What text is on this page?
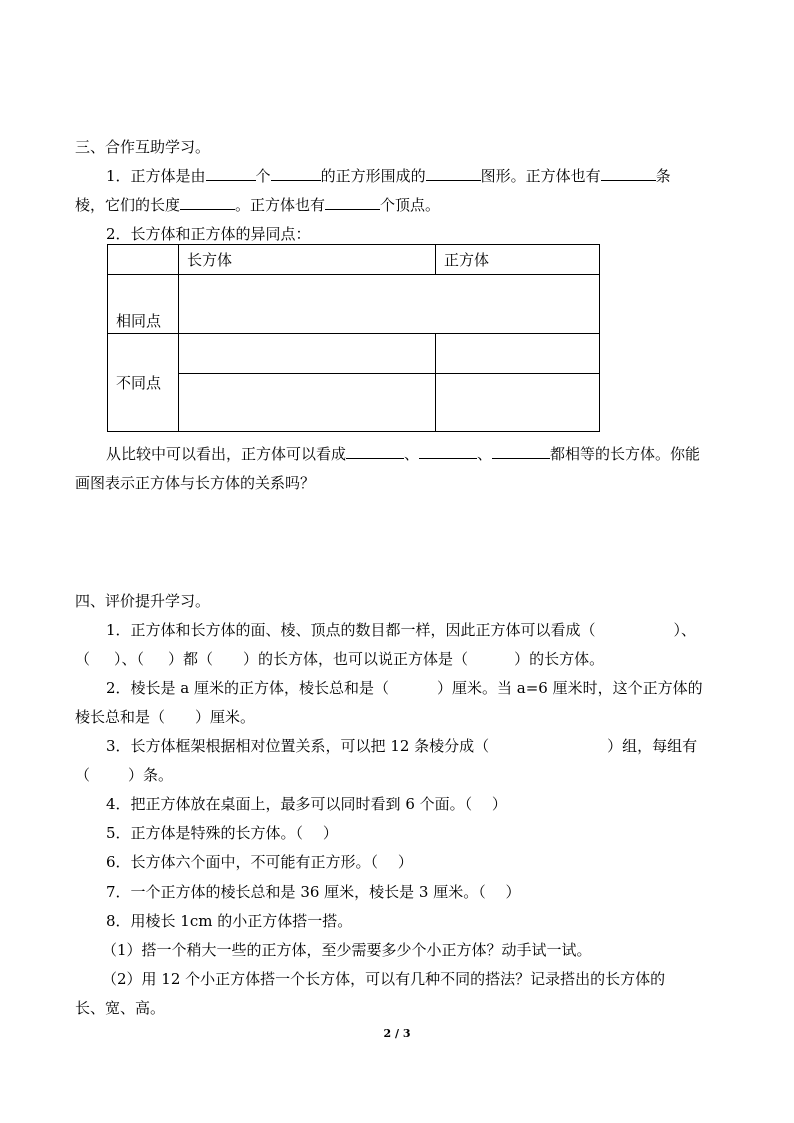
三、合作互助学习。
1．正方体是由	个	的正方形围成的	图形。正方体也有	条
棱，它们的长度	。正方体也有	个顶点。
2．长方体和正方体的异同点：
	长方体	正方体
相同点		
不同点		

从比较中可以看出，正方体可以看成	、	、	都相等的长方体。你能
画图表示正方体与长方体的关系吗？
四、评价提升学习。
1．正方体和长方体的面、棱、顶点的数目都一样，因此正方体可以看成（	）、
（ ）、（ ）都（ ）的长方体，也可以说正方体是（	）的长方体。
2．棱长是 a 厘米的正方体，棱长总和是（	）厘米。当 a=6 厘米时，这个正方体的
棱长总和是（ ）厘米。
3．长方体框架根据相对位置关系，可以把 12 条棱分成（	）组，每组有
（	）条。
4．把正方体放在桌面上，最多可以同时看到 6 个面。（　 ）
5．正方体是特殊的长方体。（　 ）
6．长方体六个面中，不可能有正方形。（　 ）
7．一个正方体的棱长总和是 36 厘米，棱长是 3 厘米。（　 ）
8．用棱长 1cm 的小正方体搭一搭。
（1）搭一个稍大一些的正方体，至少需要多少个小正方体？动手试一试。
（2）用 12 个小正方体搭一个长方体，可以有几种不同的搭法？记录搭出的长方体的
长、宽、高。
2 / 3
